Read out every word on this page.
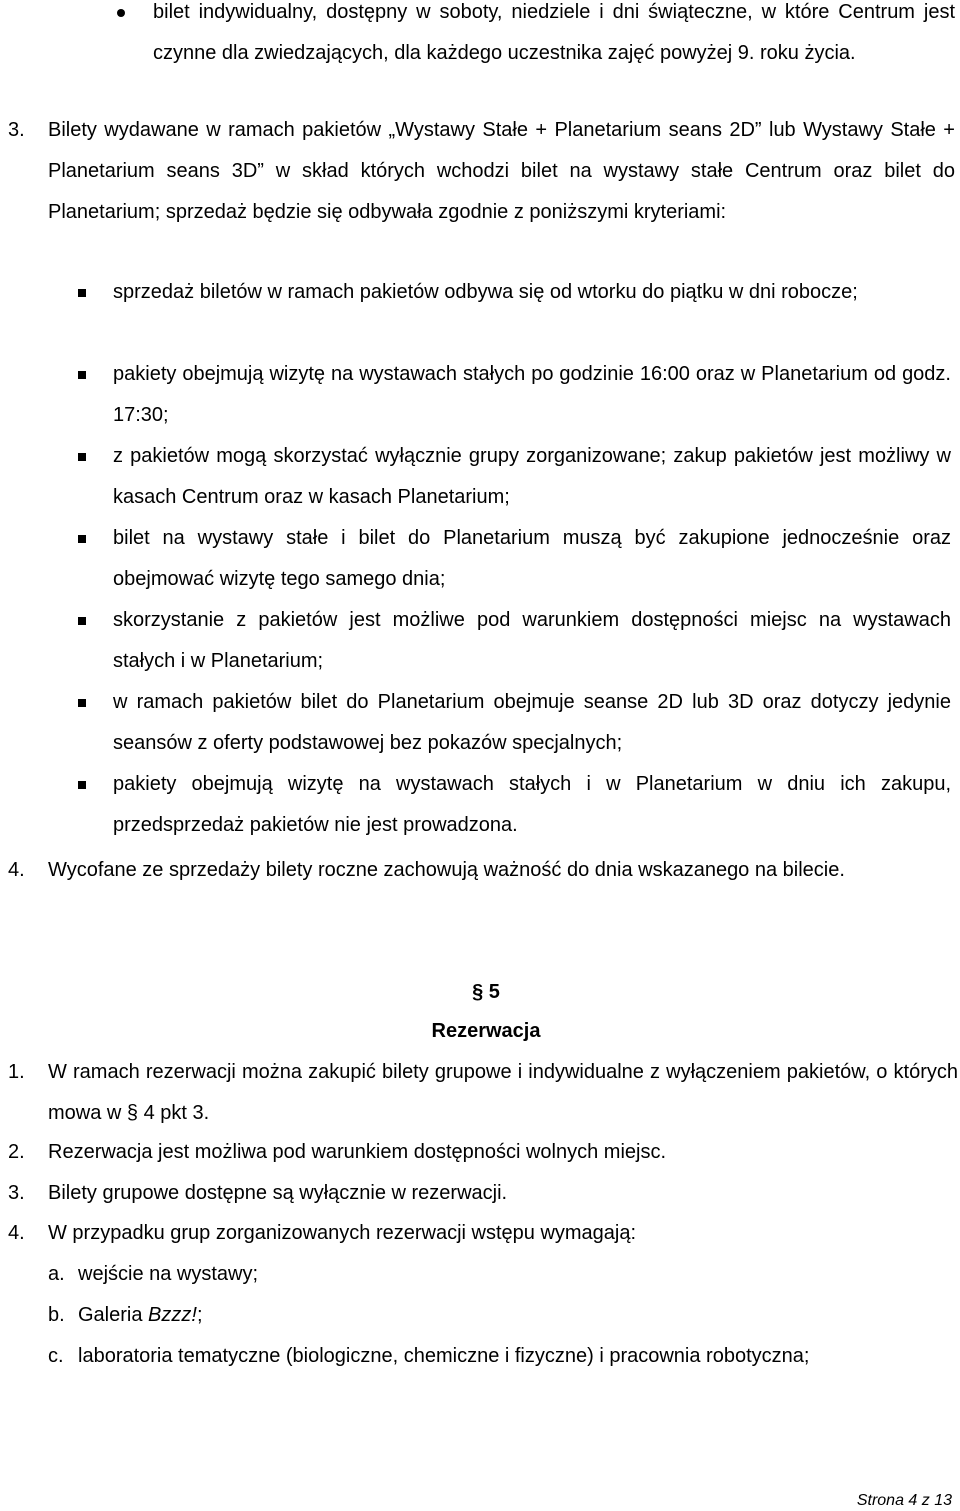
bilet indywidualny, dostępny w soboty, niedziele i dni świąteczne, w które Centrum jest czynne dla zwiedzających, dla każdego uczestnika zajęć powyżej 9. roku życia.

3. Bilety wydawane w ramach pakietów „Wystawy Stałe + Planetarium seans 2D” lub Wystawy Stałe + Planetarium seans 3D” w skład których wchodzi bilet na wystawy stałe Centrum oraz bilet do Planetarium; sprzedaż będzie się odbywała zgodnie z poniższymi kryteriami:

sprzedaż biletów w ramach pakietów odbywa się od wtorku do piątku w dni robocze;

pakiety obejmują wizytę na wystawach stałych po godzinie 16:00 oraz w Planetarium od godz. 17:30;

z pakietów mogą skorzystać wyłącznie grupy zorganizowane; zakup pakietów jest możliwy w kasach Centrum oraz w kasach Planetarium;

bilet na wystawy stałe i bilet do Planetarium muszą być zakupione jednocześnie oraz obejmować wizytę tego samego dnia;

skorzystanie z pakietów jest możliwe pod warunkiem dostępności miejsc na wystawach stałych i w Planetarium;

w ramach pakietów bilet do Planetarium obejmuje seanse 2D lub 3D oraz dotyczy jedynie seansów z oferty podstawowej bez pokazów specjalnych;

pakiety obejmują wizytę na wystawach stałych i w Planetarium w dniu ich zakupu, przedsprzedaż pakietów nie jest prowadzona.

4. Wycofane ze sprzedaży bilety roczne zachowują ważność do dnia wskazanego na bilecie.

§ 5
Rezerwacja
1. W ramach rezerwacji można zakupić bilety grupowe i indywidualne z wyłączeniem pakietów, o których mowa w § 4 pkt 3.

2. Rezerwacja jest możliwa pod warunkiem dostępności wolnych miejsc.

3. Bilety grupowe dostępne są wyłącznie w rezerwacji.

4. W przypadku grup zorganizowanych rezerwacji wstępu wymagają:

a. wejście na wystawy;

b. Galeria Bzzz!;

c. laboratoria tematyczne (biologiczne, chemiczne i fizyczne) i pracownia robotyczna;

Strona 4 z 13
